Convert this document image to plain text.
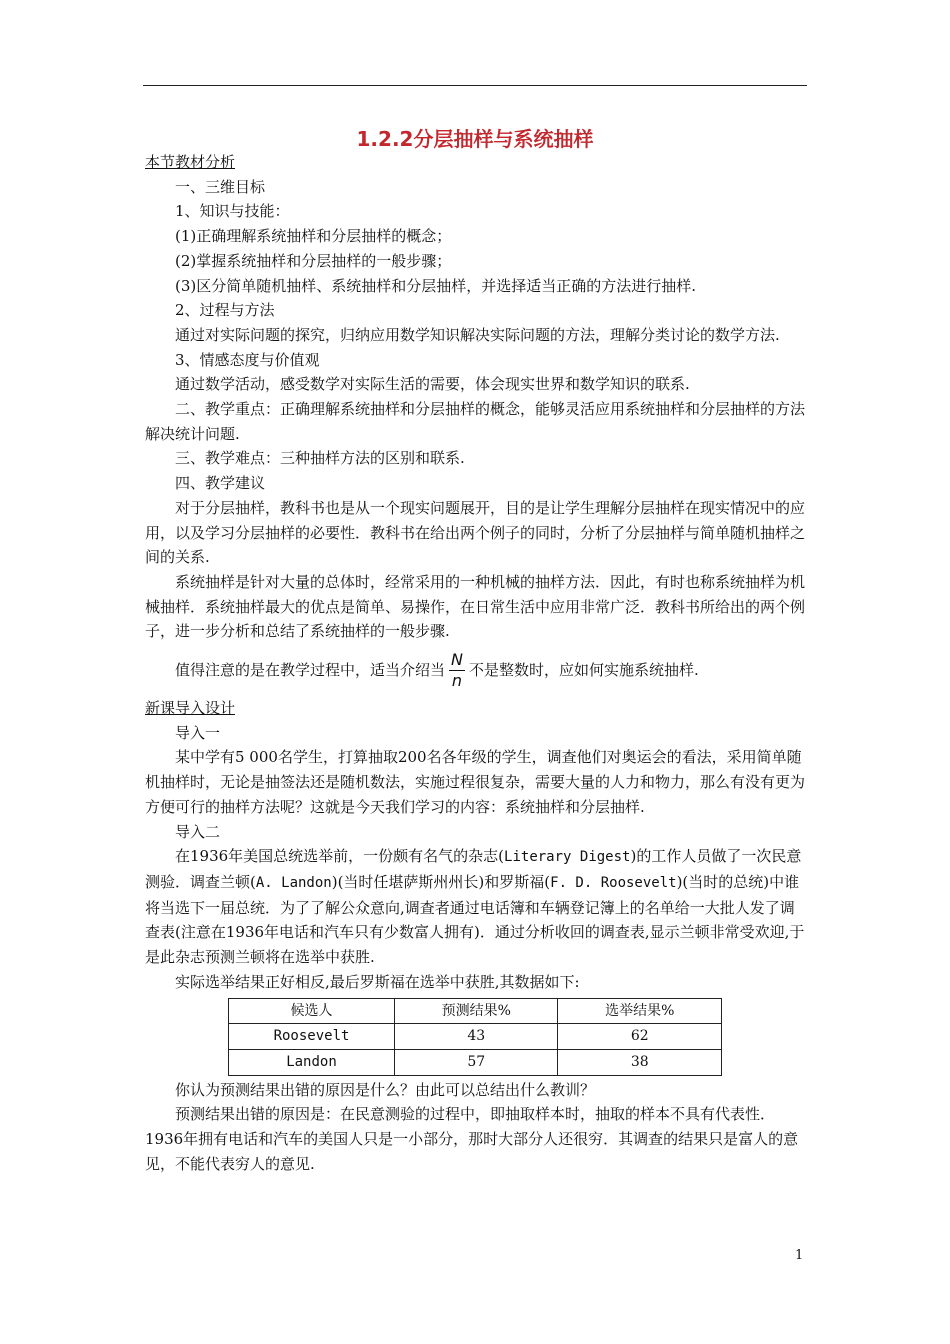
1.2.2分层抽样与系统抽样

本节教材分析

一、三维目标

1、知识与技能：

(1)正确理解系统抽样和分层抽样的概念；

(2)掌握系统抽样和分层抽样的一般步骤；

(3)区分简单随机抽样、系统抽样和分层抽样，并选择适当正确的方法进行抽样.

2、过程与方法

通过对实际问题的探究，归纳应用数学知识解决实际问题的方法，理解分类讨论的数学方法.

3、情感态度与价值观

通过数学活动，感受数学对实际生活的需要，体会现实世界和数学知识的联系.

二、教学重点：正确理解系统抽样和分层抽样的概念，能够灵活应用系统抽样和分层抽样的方法解决统计问题.

三、教学难点：三种抽样方法的区别和联系.

四、教学建议

对于分层抽样，教科书也是从一个现实问题展开，目的是让学生理解分层抽样在现实情况中的应用，以及学习分层抽样的必要性．教科书在给出两个例子的同时，分析了分层抽样与简单随机抽样之间的关系.

系统抽样是针对大量的总体时，经常采用的一种机械的抽样方法．因此，有时也称系统抽样为机械抽样．系统抽样最大的优点是简单、易操作，在日常生活中应用非常广泛．教科书所给出的两个例子，进一步分析和总结了系统抽样的一般步骤.

值得注意的是在教学过程中，适当介绍当 $\frac{N}{n}$ 不是整数时，应如何实施系统抽样.

新课导入设计

导入一

某中学有5 000名学生，打算抽取200名各年级的学生，调查他们对奥运会的看法，采用简单随机抽样时，无论是抽签法还是随机数法，实施过程很复杂，需要大量的人力和物力，那么有没有更为方便可行的抽样方法呢？这就是今天我们学习的内容：系统抽样和分层抽样.

导入二

在1936年美国总统选举前，一份颇有名气的杂志(Literary Digest)的工作人员做了一次民意测验．调查兰顿(A. Landon)(当时任堪萨斯州州长)和罗斯福(F. D. Roosevelt)(当时的总统)中谁将当选下一届总统．为了了解公众意向,调查者通过电话簿和车辆登记簿上的名单给一大批人发了调查表(注意在1936年电话和汽车只有少数富人拥有)．通过分析收回的调查表,显示兰顿非常受欢迎,于是此杂志预测兰顿将在选举中获胜.

实际选举结果正好相反,最后罗斯福在选举中获胜,其数据如下:

候选人	预测结果%	选举结果%
Roosevelt	43	62
Landon	57	38

你认为预测结果出错的原因是什么？由此可以总结出什么教训？

预测结果出错的原因是：在民意测验的过程中，即抽取样本时，抽取的样本不具有代表性．1936年拥有电话和汽车的美国人只是一小部分，那时大部分人还很穷．其调查的结果只是富人的意见，不能代表穷人的意见.

1
